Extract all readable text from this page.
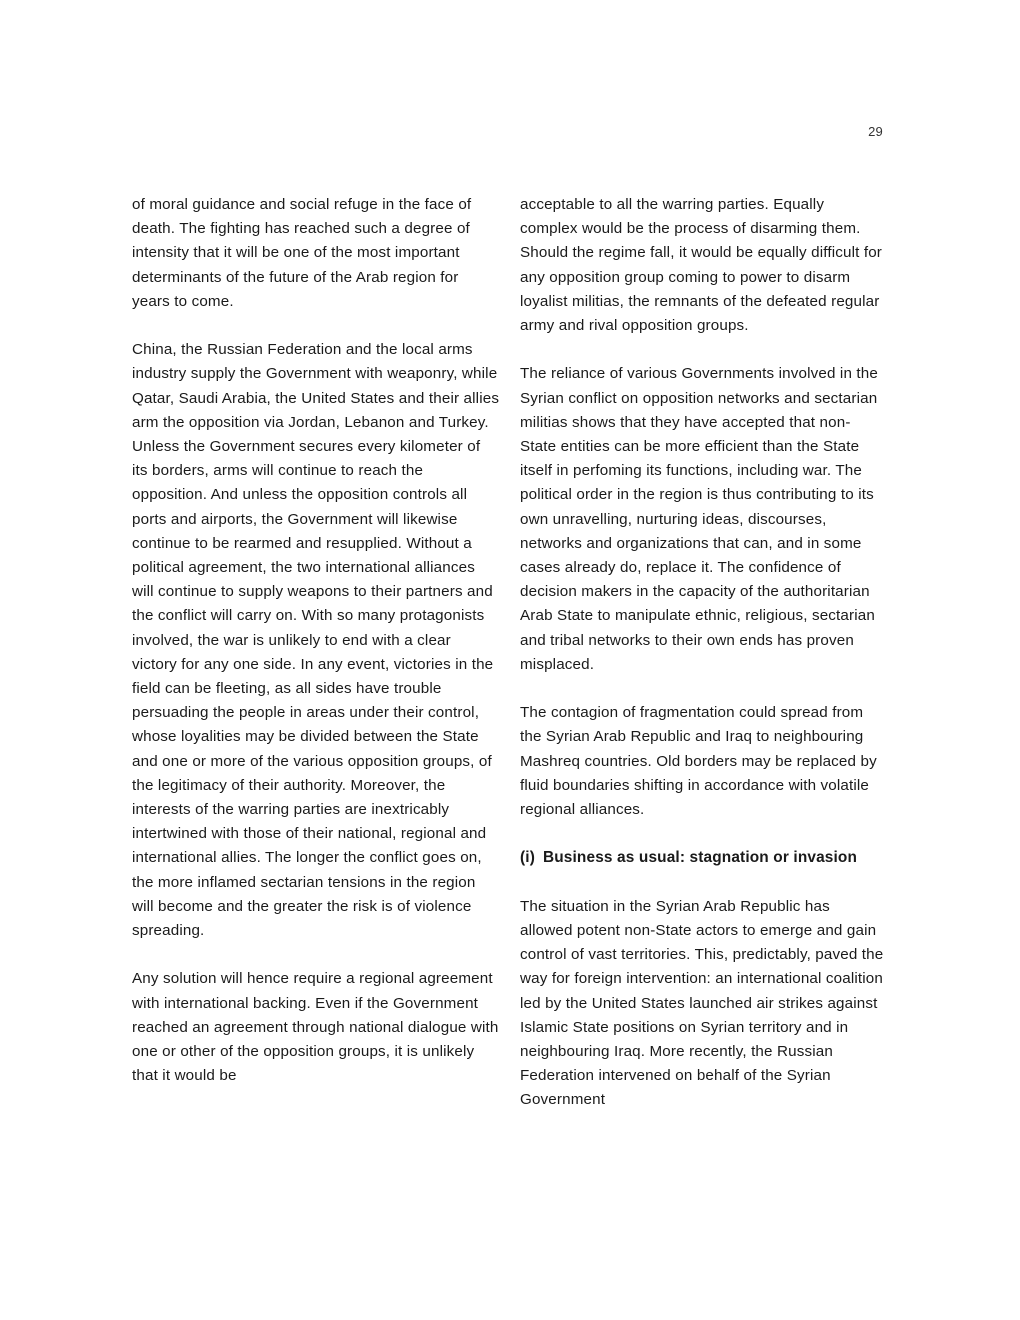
29

of moral guidance and social refuge in the face of death. The fighting has reached such a degree of intensity that it will be one of the most important determinants of the future of the Arab region for years to come.

China, the Russian Federation and the local arms industry supply the Government with weaponry, while Qatar, Saudi Arabia, the United States and their allies arm the opposition via Jordan, Lebanon and Turkey. Unless the Government secures every kilometer of its borders, arms will continue to reach the opposition. And unless the opposition controls all ports and airports, the Government will likewise continue to be rearmed and resupplied. Without a political agreement, the two international alliances will continue to supply weapons to their partners and the conflict will carry on. With so many protagonists involved, the war is unlikely to end with a clear victory for any one side. In any event, victories in the field can be fleeting, as all sides have trouble persuading the people in areas under their control, whose loyalities may be divided between the State and one or more of the various opposition groups, of the legitimacy of their authority. Moreover, the interests of the warring parties are inextricably intertwined with those of their national, regional and international allies. The longer the conflict goes on, the more inflamed sectarian tensions in the region will become and the greater the risk is of violence spreading.

Any solution will hence require a regional agreement with international backing. Even if the Government reached an agreement through national dialogue with one or other of the opposition groups, it is unlikely that it would be

acceptable to all the warring parties. Equally complex would be the process of disarming them. Should the regime fall, it would be equally difficult for any opposition group coming to power to disarm loyalist militias, the remnants of the defeated regular army and rival opposition groups.

The reliance of various Governments involved in the Syrian conflict on opposition networks and sectarian militias shows that they have accepted that non-State entities can be more efficient than the State itself in perfoming its functions, including war. The political order in the region is thus contributing to its own unravelling, nurturing ideas, discourses, networks and organizations that can, and in some cases already do, replace it. The confidence of decision makers in the capacity of the authoritarian Arab State to manipulate ethnic, religious, sectarian and tribal networks to their own ends has proven misplaced.

The contagion of fragmentation could spread from the Syrian Arab Republic and Iraq to neighbouring Mashreq countries. Old borders may be replaced by fluid boundaries shifting in accordance with volatile regional alliances.

(i) Business as usual: stagnation or invasion

The situation in the Syrian Arab Republic has allowed potent non-State actors to emerge and gain control of vast territories. This, predictably, paved the way for foreign intervention: an international coalition led by the United States launched air strikes against Islamic State positions on Syrian territory and in neighbouring Iraq. More recently, the Russian Federation intervened on behalf of the Syrian Government
